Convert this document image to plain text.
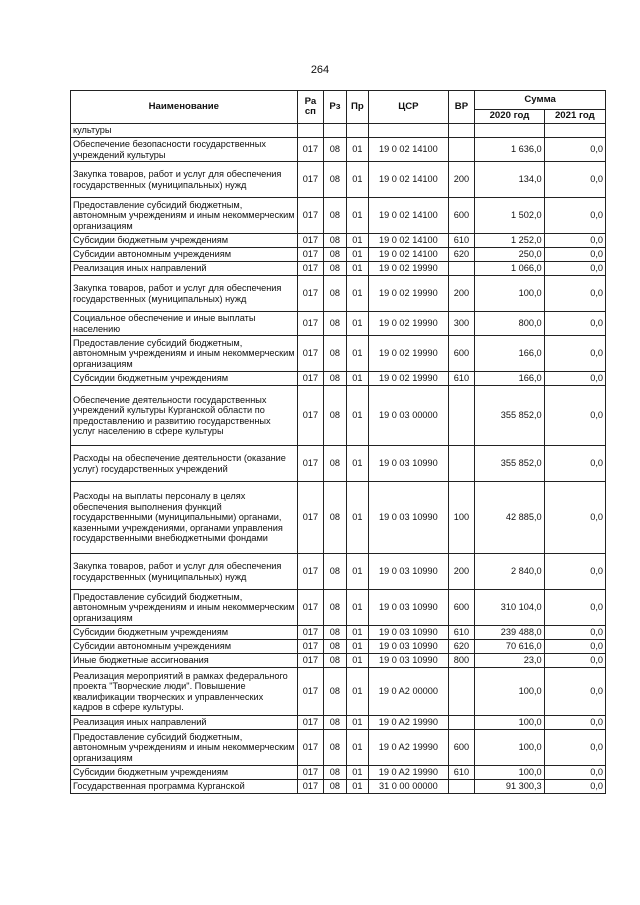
264
Наименование	Ра сп	Рз	Пр	ЦСР	ВР	Сумма	
						2020 год	2021 год
культуры							
Обеспечение безопасности государственных учреждений культуры	017	08	01	19 0 02 14100		1 636,0	0,0
Закупка товаров, работ и услуг для обеспечения государственных (муниципальных) нужд	017	08	01	19 0 02 14100	200	134,0	0,0
Предоставление субсидий бюджетным, автономным учреждениям и иным некоммерческим организациям	017	08	01	19 0 02 14100	600	1 502,0	0,0
Субсидии бюджетным учреждениям	017	08	01	19 0 02 14100	610	1 252,0	0,0
Субсидии автономным учреждениям	017	08	01	19 0 02 14100	620	250,0	0,0
Реализация иных направлений	017	08	01	19 0 02 19990		1 066,0	0,0
Закупка товаров, работ и услуг для обеспечения государственных (муниципальных) нужд	017	08	01	19 0 02 19990	200	100,0	0,0
Социальное обеспечение и иные выплаты населению	017	08	01	19 0 02 19990	300	800,0	0,0
Предоставление субсидий бюджетным, автономным учреждениям и иным некоммерческим организациям	017	08	01	19 0 02 19990	600	166,0	0,0
Субсидии бюджетным учреждениям	017	08	01	19 0 02 19990	610	166,0	0,0
Обеспечение деятельности государственных учреждений культуры Курганской области по предоставлению и развитию государственных услуг населению в сфере культуры	017	08	01	19 0 03 00000		355 852,0	0,0
Расходы на обеспечение деятельности (оказание услуг) государственных учреждений	017	08	01	19 0 03 10990		355 852,0	0,0
Расходы на выплаты персоналу в целях обеспечения выполнения функций государственными (муниципальными) органами, казенными учреждениями, органами управления государственными внебюджетными фондами	017	08	01	19 0 03 10990	100	42 885,0	0,0
Закупка товаров, работ и услуг для обеспечения государственных (муниципальных) нужд	017	08	01	19 0 03 10990	200	2 840,0	0,0
Предоставление субсидий бюджетным, автономным учреждениям и иным некоммерческим организациям	017	08	01	19 0 03 10990	600	310 104,0	0,0
Субсидии бюджетным учреждениям	017	08	01	19 0 03 10990	610	239 488,0	0,0
Субсидии автономным учреждениям	017	08	01	19 0 03 10990	620	70 616,0	0,0
Иные бюджетные ассигнования	017	08	01	19 0 03 10990	800	23,0	0,0
Реализация мероприятий в рамках федерального проекта "Творческие люди". Повышение квалификации творческих и управленческих кадров в сфере культуры.	017	08	01	19 0 A2 00000		100,0	0,0
Реализация иных направлений	017	08	01	19 0 A2 19990		100,0	0,0
Предоставление субсидий бюджетным, автономным учреждениям и иным некоммерческим организациям	017	08	01	19 0 A2 19990	600	100,0	0,0
Субсидии бюджетным учреждениям	017	08	01	19 0 A2 19990	610	100,0	0,0
Государственная программа Курганской	017	08	01	31 0 00 00000		91 300,3	0,0
